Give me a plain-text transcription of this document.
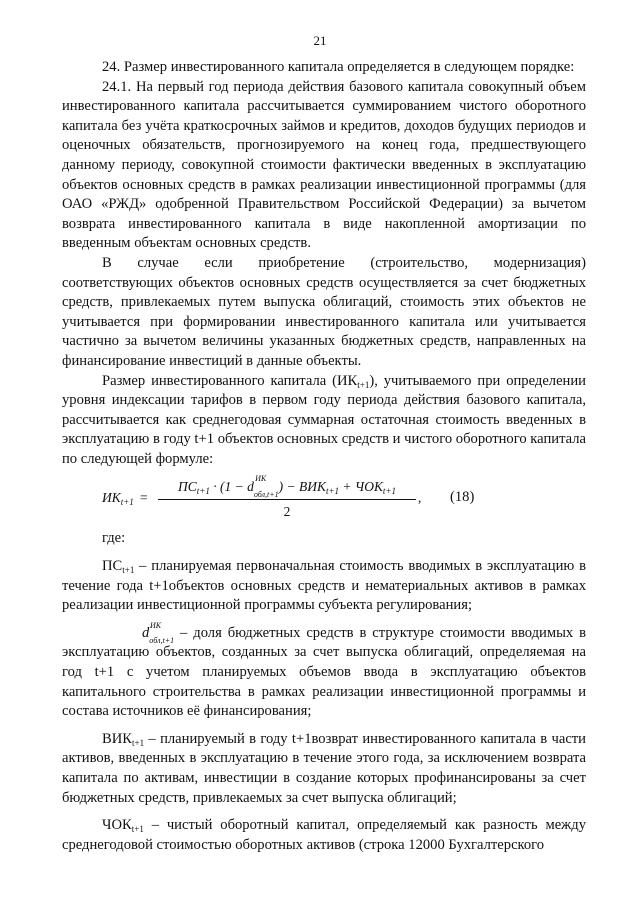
21

24. Размер инвестированного капитала определяется в следующем порядке:

24.1. На первый год периода действия базового капитала совокупный объем инвестированного капитала рассчитывается суммированием чистого оборотного капитала без учёта краткосрочных займов и кредитов, доходов будущих периодов и оценочных обязательств, прогнозируемого на конец года, предшествующего данному периоду, совокупной стоимости фактически введенных в эксплуатацию объектов основных средств в рамках реализации инвестиционной программы (для ОАО «РЖД» одобренной Правительством Российской Федерации) за вычетом возврата инвестированного капитала в виде накопленной амортизации по введенным объектам основных средств.

В случае если приобретение (строительство, модернизация) соответствующих объектов основных средств осуществляется за счет бюджетных средств, привлекаемых путем выпуска облигаций, стоимость этих объектов не учитывается при формировании инвестированного капитала или учитывается частично за вычетом величины указанных бюджетных средств, направленных на финансирование инвестиций в данные объекты.

Размер инвестированного капитала $(ИК_{t+1})$, учитываемого при определении уровня индексации тарифов в первом году периода действия базового капитала, рассчитывается как среднегодовая суммарная остаточная стоимость введенных в эксплуатацию в году t+1 объектов основных средств и чистого оборотного капитала по следующей формуле:

$ИК_{t+1}$ =
$ПС_{t+1} \cdot (1 - d$
ИК
$_{обл,t+1}) - ВИК_{t+1} + ЧОК_{t+1}$
2
, (18)

где:

$ПС_{t+1}$ – планируемая первоначальная стоимость вводимых в эксплуатацию в течение года t+1объектов основных средств и нематериальных активов в рамках реализации инвестиционной программы субъекта регулирования;

d ИК
$_{обл,t+1}$ – доля бюджетных средств в структуре стоимости вводимых в эксплуатацию объектов, созданных за счет выпуска облигаций, определяемая на год t+1 с учетом планируемых объемов ввода в эксплуатацию объектов капитального строительства в рамках реализации инвестиционной программы и состава источников её финансирования;

$ВИК_{t+1}$ – планируемый в году t+1возврат инвестированного капитала в части активов, введенных в эксплуатацию в течение этого года, за исключением возврата капитала по активам, инвестиции в создание которых профинансированы за счет бюджетных средств, привлекаемых за счет выпуска облигаций;

$ЧОК_{t+1}$ – чистый оборотный капитал, определяемый как разность между среднегодовой стоимостью оборотных активов (строка 12000 Бухгалтерского
